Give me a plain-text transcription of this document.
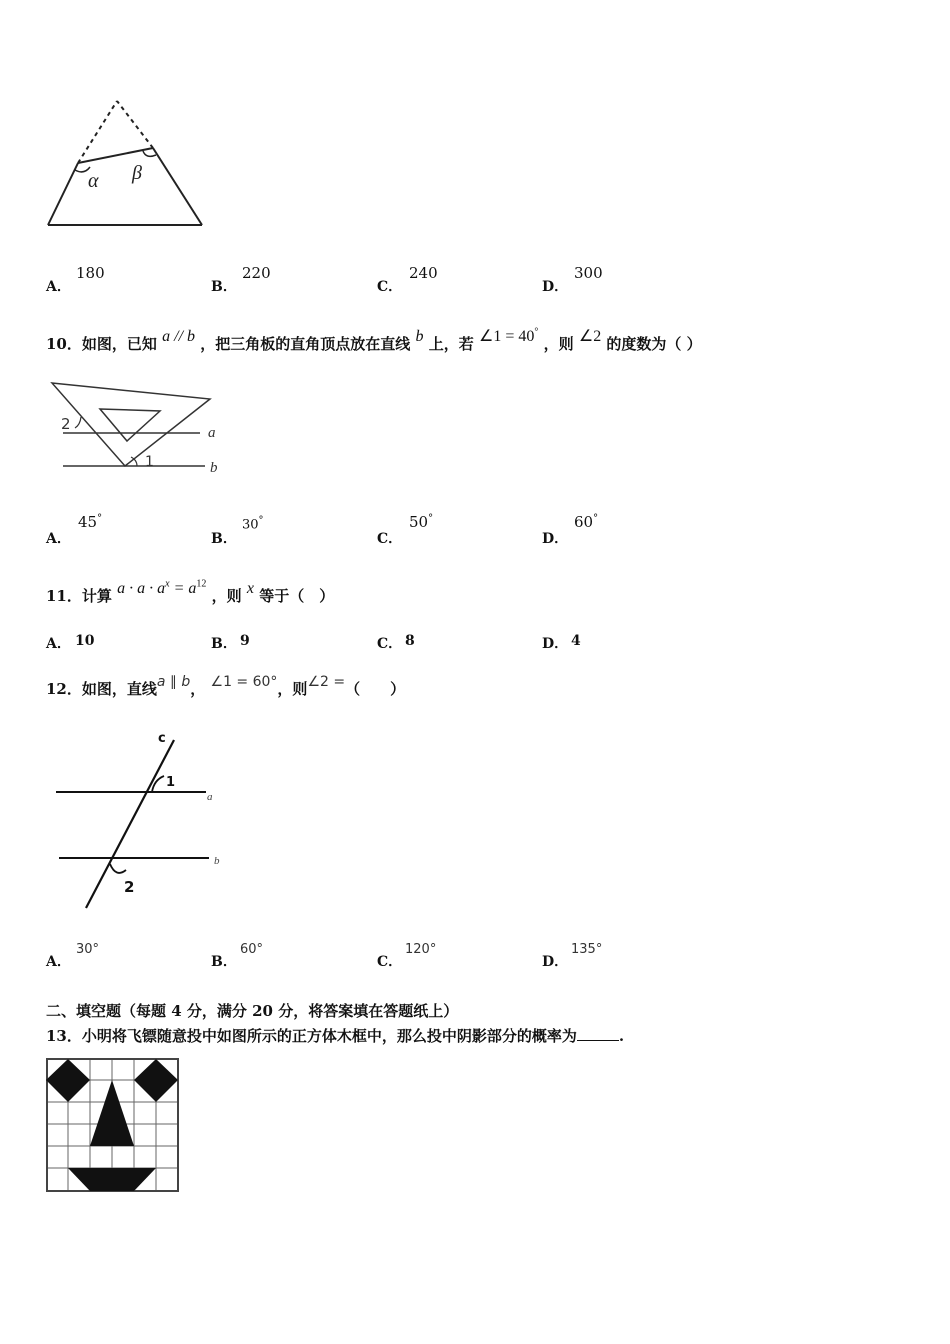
α β
A．
180
B．
220
C．
240
D．
300
10．如图，已知 a // b ，把三角板的直角顶点放在直线 b 上，若 ∠1 = 40° ，则 ∠2 的度数为（ ）
2
1
a
b
A．
45°
B．
30°
C．
50°
D．
60°
11．计算 $a \cdot a \cdot a^x = a^{12}$ ，则 x 等于（　）
A． 10	B． 9	C． 8	D． 4
12．如图，直线a ∥ b， ∠1 = 60°，则∠2 =（　　）
c
1
a
b
2
A．
30°
B．
60°
C．
120°
D．
135°
二、填空题（每题 4 分，满分 20 分，将答案填在答题纸上）
13．小明将飞镖随意投中如图所示的正方体木框中，那么投中阴影部分的概率为	.
